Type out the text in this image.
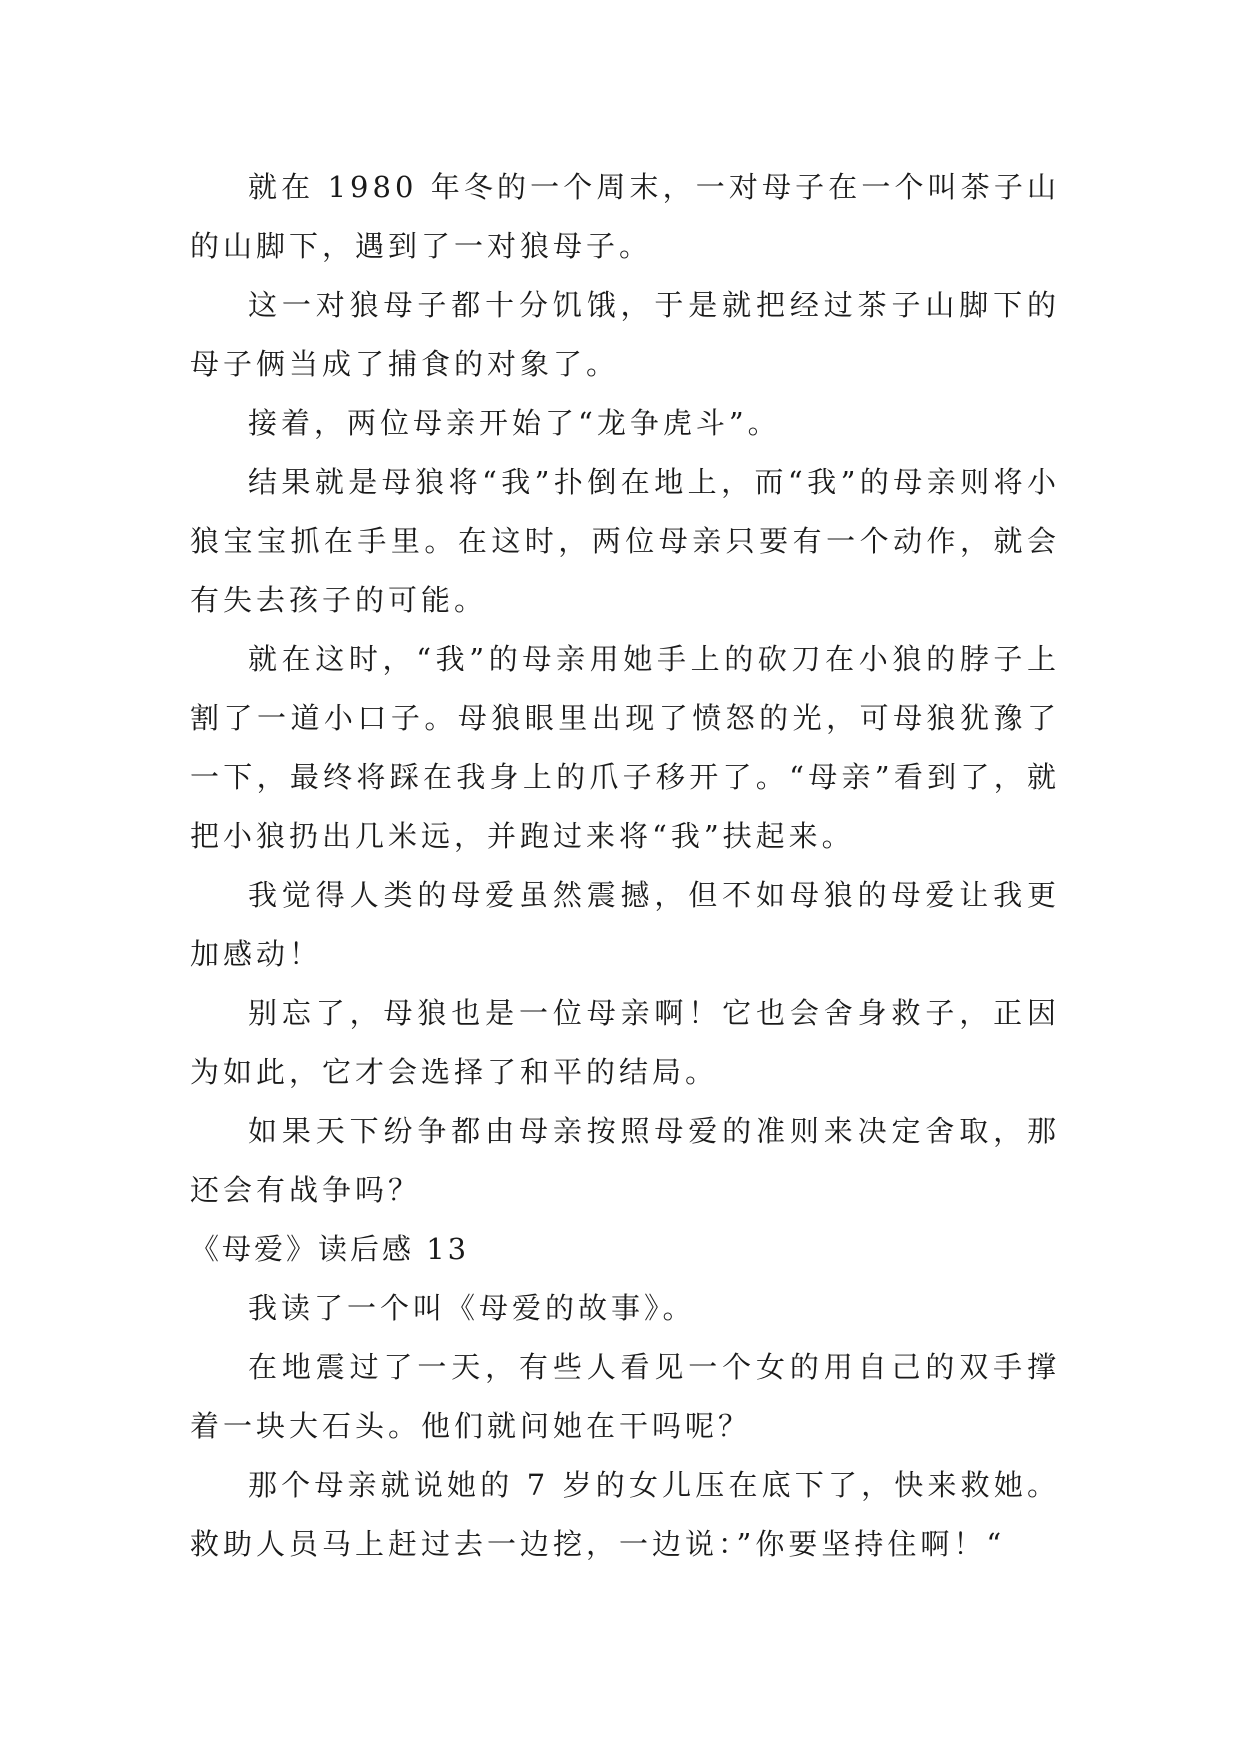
就在 1980 年冬的一个周末，一对母子在一个叫茶子山的山脚下，遇到了一对狼母子。

这一对狼母子都十分饥饿，于是就把经过茶子山脚下的母子俩当成了捕食的对象了。

接着，两位母亲开始了“龙争虎斗”。

结果就是母狼将“我”扑倒在地上，而“我”的母亲则将小狼宝宝抓在手里。在这时，两位母亲只要有一个动作，就会有失去孩子的可能。

就在这时，“我”的母亲用她手上的砍刀在小狼的脖子上割了一道小口子。母狼眼里出现了愤怒的光，可母狼犹豫了一下，最终将踩在我身上的爪子移开了。“母亲”看到了，就把小狼扔出几米远，并跑过来将“我”扶起来。

我觉得人类的母爱虽然震撼，但不如母狼的母爱让我更加感动！

别忘了，母狼也是一位母亲啊！它也会舍身救子，正因为如此，它才会选择了和平的结局。

如果天下纷争都由母亲按照母爱的准则来决定舍取，那还会有战争吗？

《母爱》读后感 13

我读了一个叫《母爱的故事》。

在地震过了一天，有些人看见一个女的用自己的双手撑着一块大石头。他们就问她在干吗呢？

那个母亲就说她的 7 岁的女儿压在底下了，快来救她。救助人员马上赶过去一边挖，一边说：”你要坚持住啊！“
